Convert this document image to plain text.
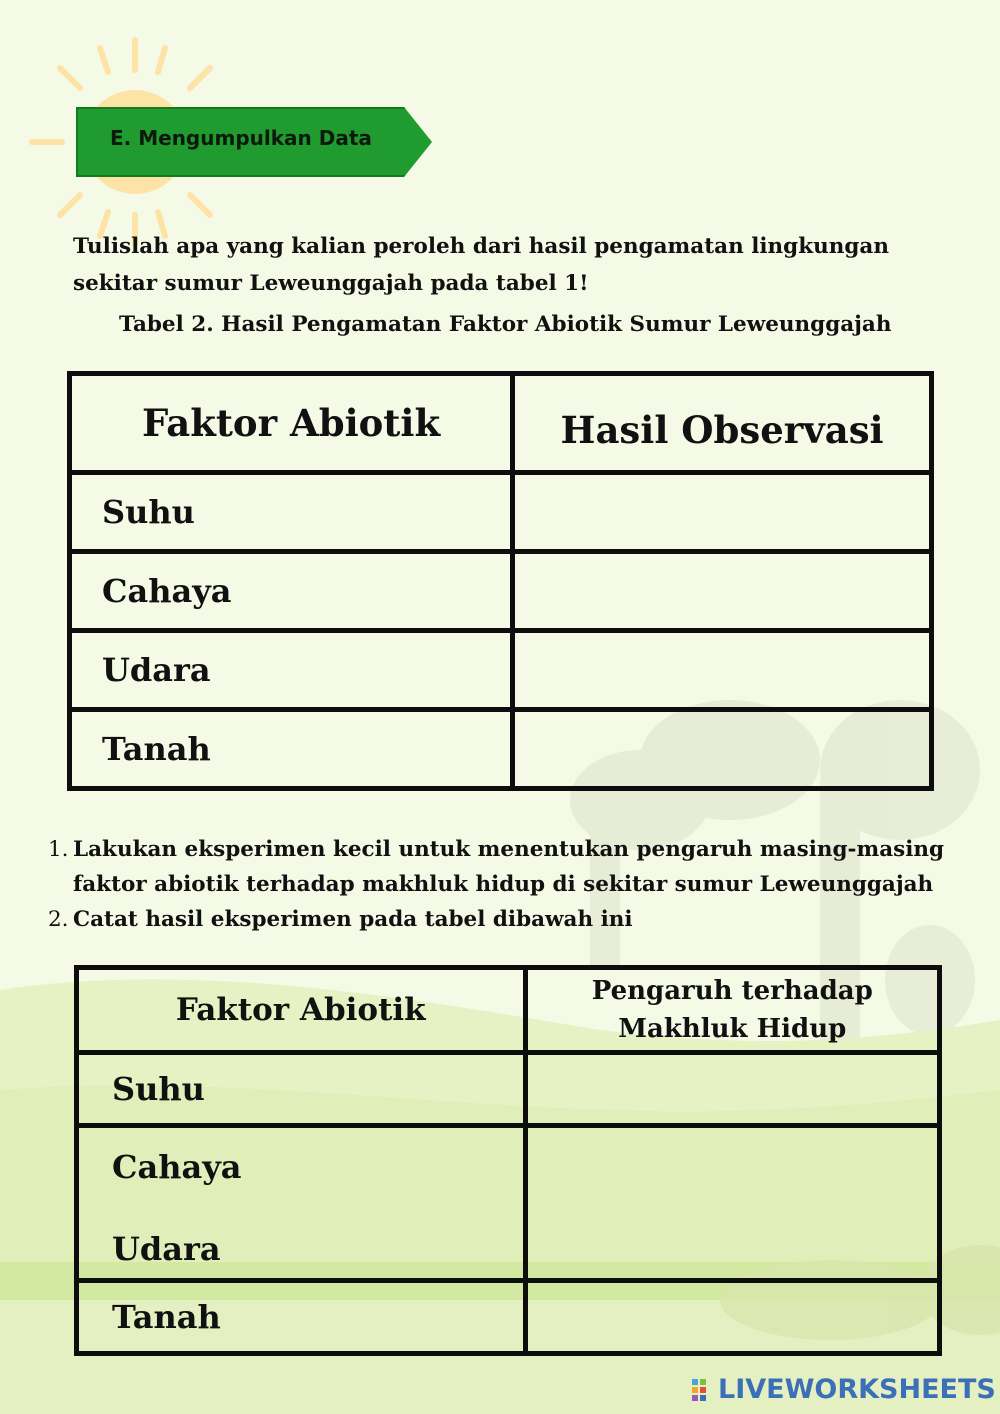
E. Mengumpulkan Data
Tulislah apa yang kalian peroleh dari hasil pengamatan lingkungan sekitar sumur Leweunggajah pada tabel 1!
Tabel 2. Hasil Pengamatan Faktor Abiotik Sumur Leweunggajah
Faktor Abiotik	Hasil Observasi
Suhu	
Cahaya	
Udara	
Tanah	
1. Lakukan eksperimen kecil untuk menentukan pengaruh masing-masing faktor abiotik terhadap makhluk hidup di sekitar sumur Leweunggajah
2. Catat hasil eksperimen pada tabel dibawah ini
Faktor Abiotik	Pengaruh terhadap
Makhluk Hidup

Suhu	

Cahaya
Udara	

Tanah	
LIVEWORKSHEETS
